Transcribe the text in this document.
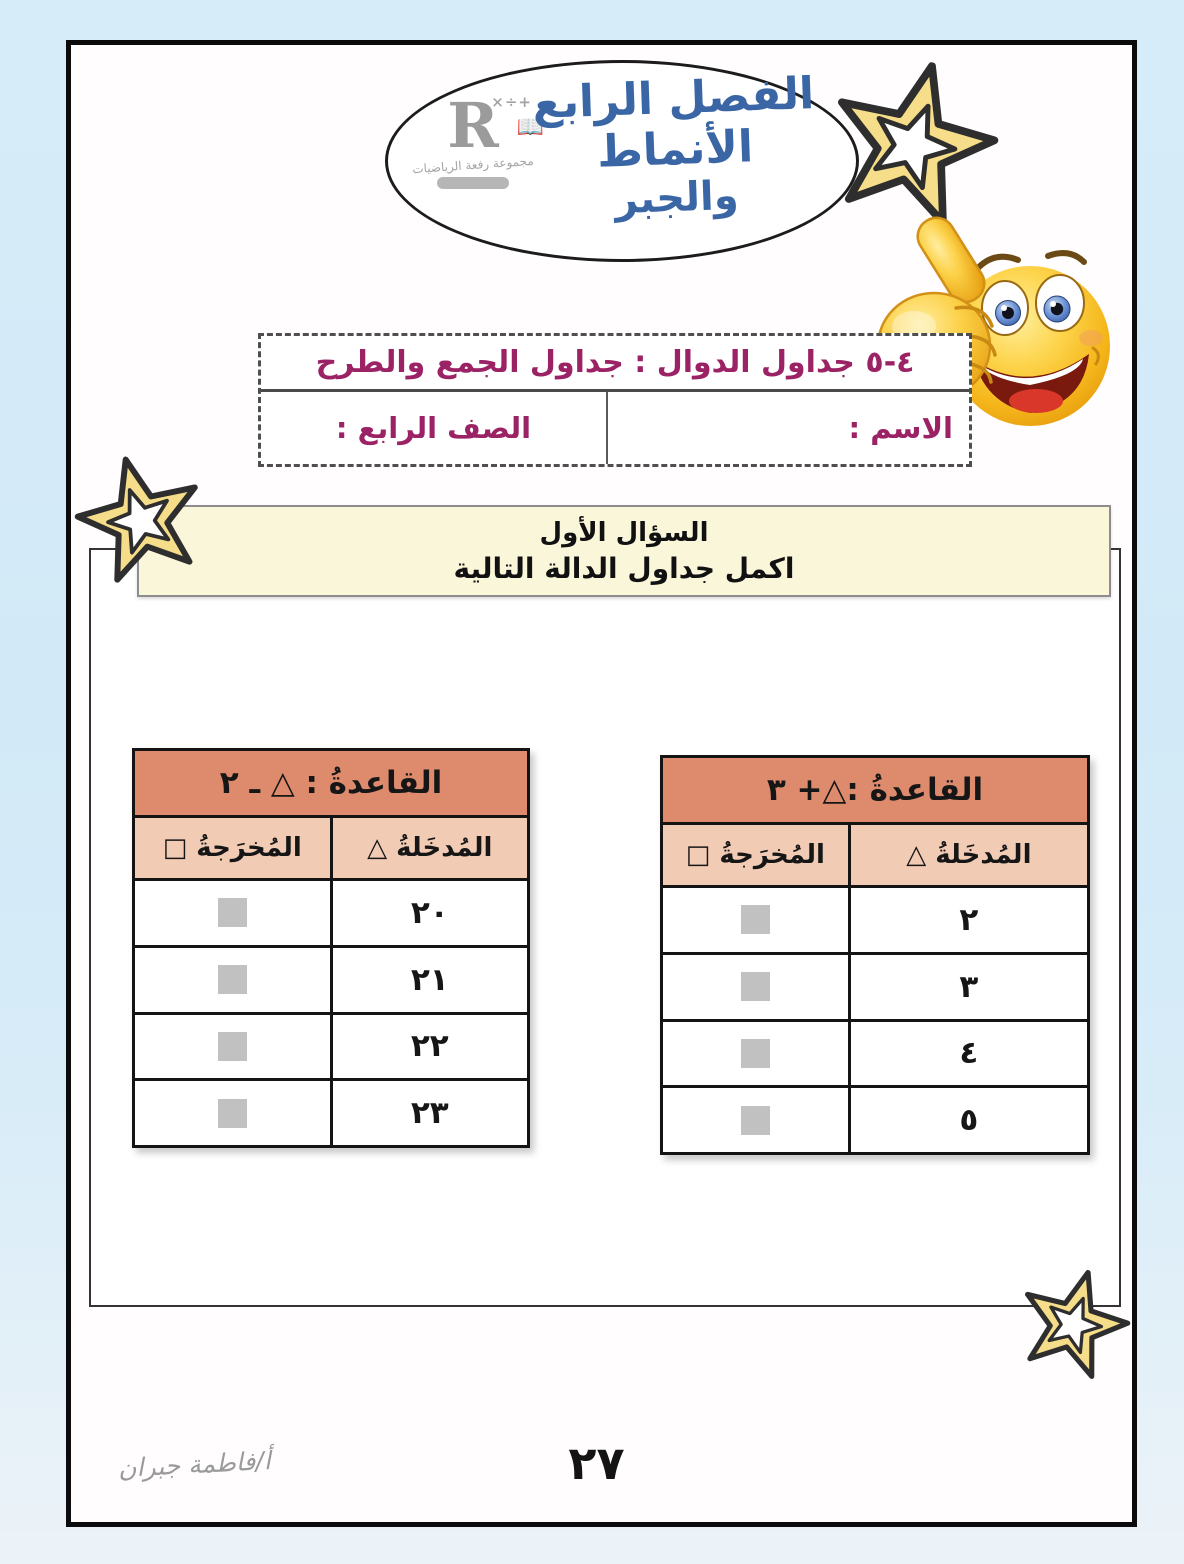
R
+÷×
📖
مجموعة رفعة الرياضيات
الفصل الرابع الأنماط
والجبر
٤-٥ جداول الدوال : جداول الجمع والطرح
الاسم :
الصف الرابع :
السؤال الأول
اكمل جداول الدالة التالية
القاعدةُ :△+ ٣
المُدخَلةُ △
المُخرَجةُ □
٢
٣
٤
٥
القاعدةُ : △ ـ ٢
المُدخَلةُ △
المُخرَجةُ □
٢٠
٢١
٢٢
٢٣
٢٧
أ/فاطمة جبران
